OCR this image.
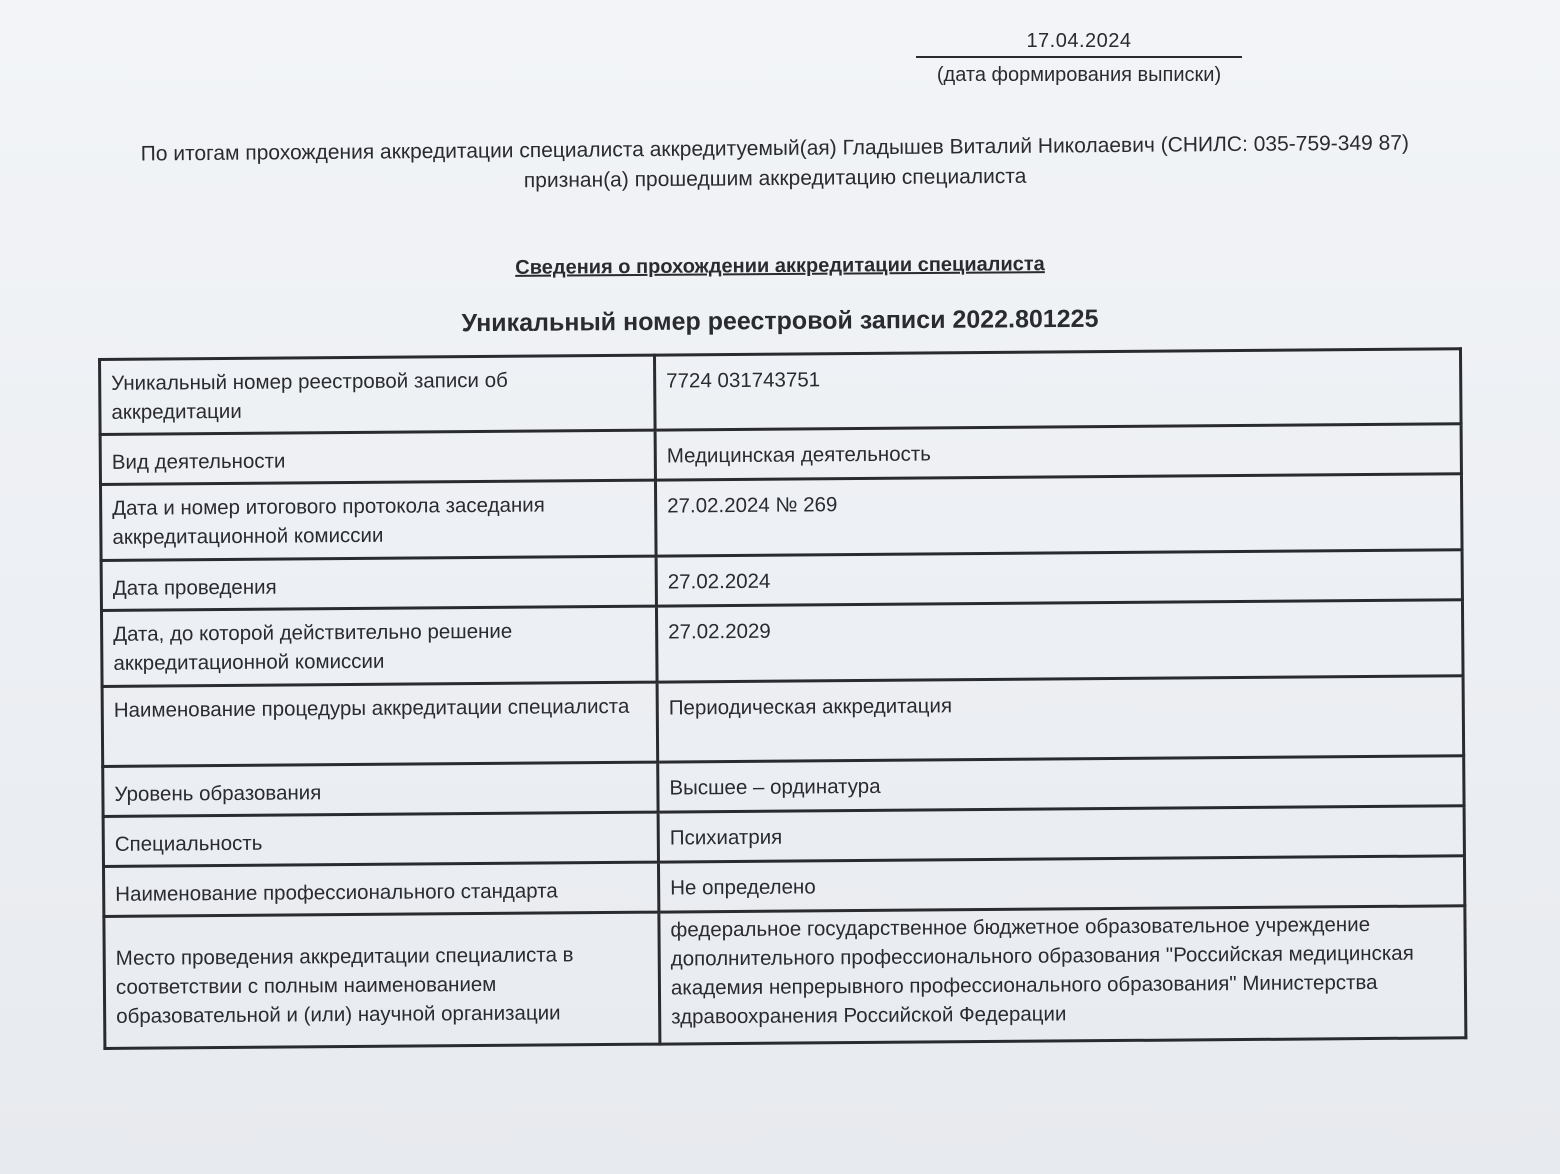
17.04.2024
(дата формирования выписки)
По итогам прохождения аккредитации специалиста аккредитуемый(ая) Гладышев Виталий Николаевич (СНИЛС: 035-759-349 87) признан(а) прошедшим аккредитацию специалиста
Сведения о прохождении аккредитации специалиста
Уникальный номер реестровой записи 2022.801225
Уникальный номер реестровой записи об аккредитации	7724 031743751
Вид деятельности	Медицинская деятельность
Дата и номер итогового протокола заседания аккредитационной комиссии	27.02.2024 № 269
Дата проведения	27.02.2024
Дата, до которой действительно решение аккредитационной комиссии	27.02.2029
Наименование процедуры аккредитации специалиста	Периодическая аккредитация
Уровень образования	Высшее – ординатура
Специальность	Психиатрия
Наименование профессионального стандарта	Не определено
Место проведения аккредитации специалиста в соответствии с полным наименованием образовательной и (или) научной организации	федеральное государственное бюджетное образовательное учреждение дополнительного профессионального образования "Российская медицинская академия непрерывного профессионального образования" Министерства здравоохранения Российской Федерации
